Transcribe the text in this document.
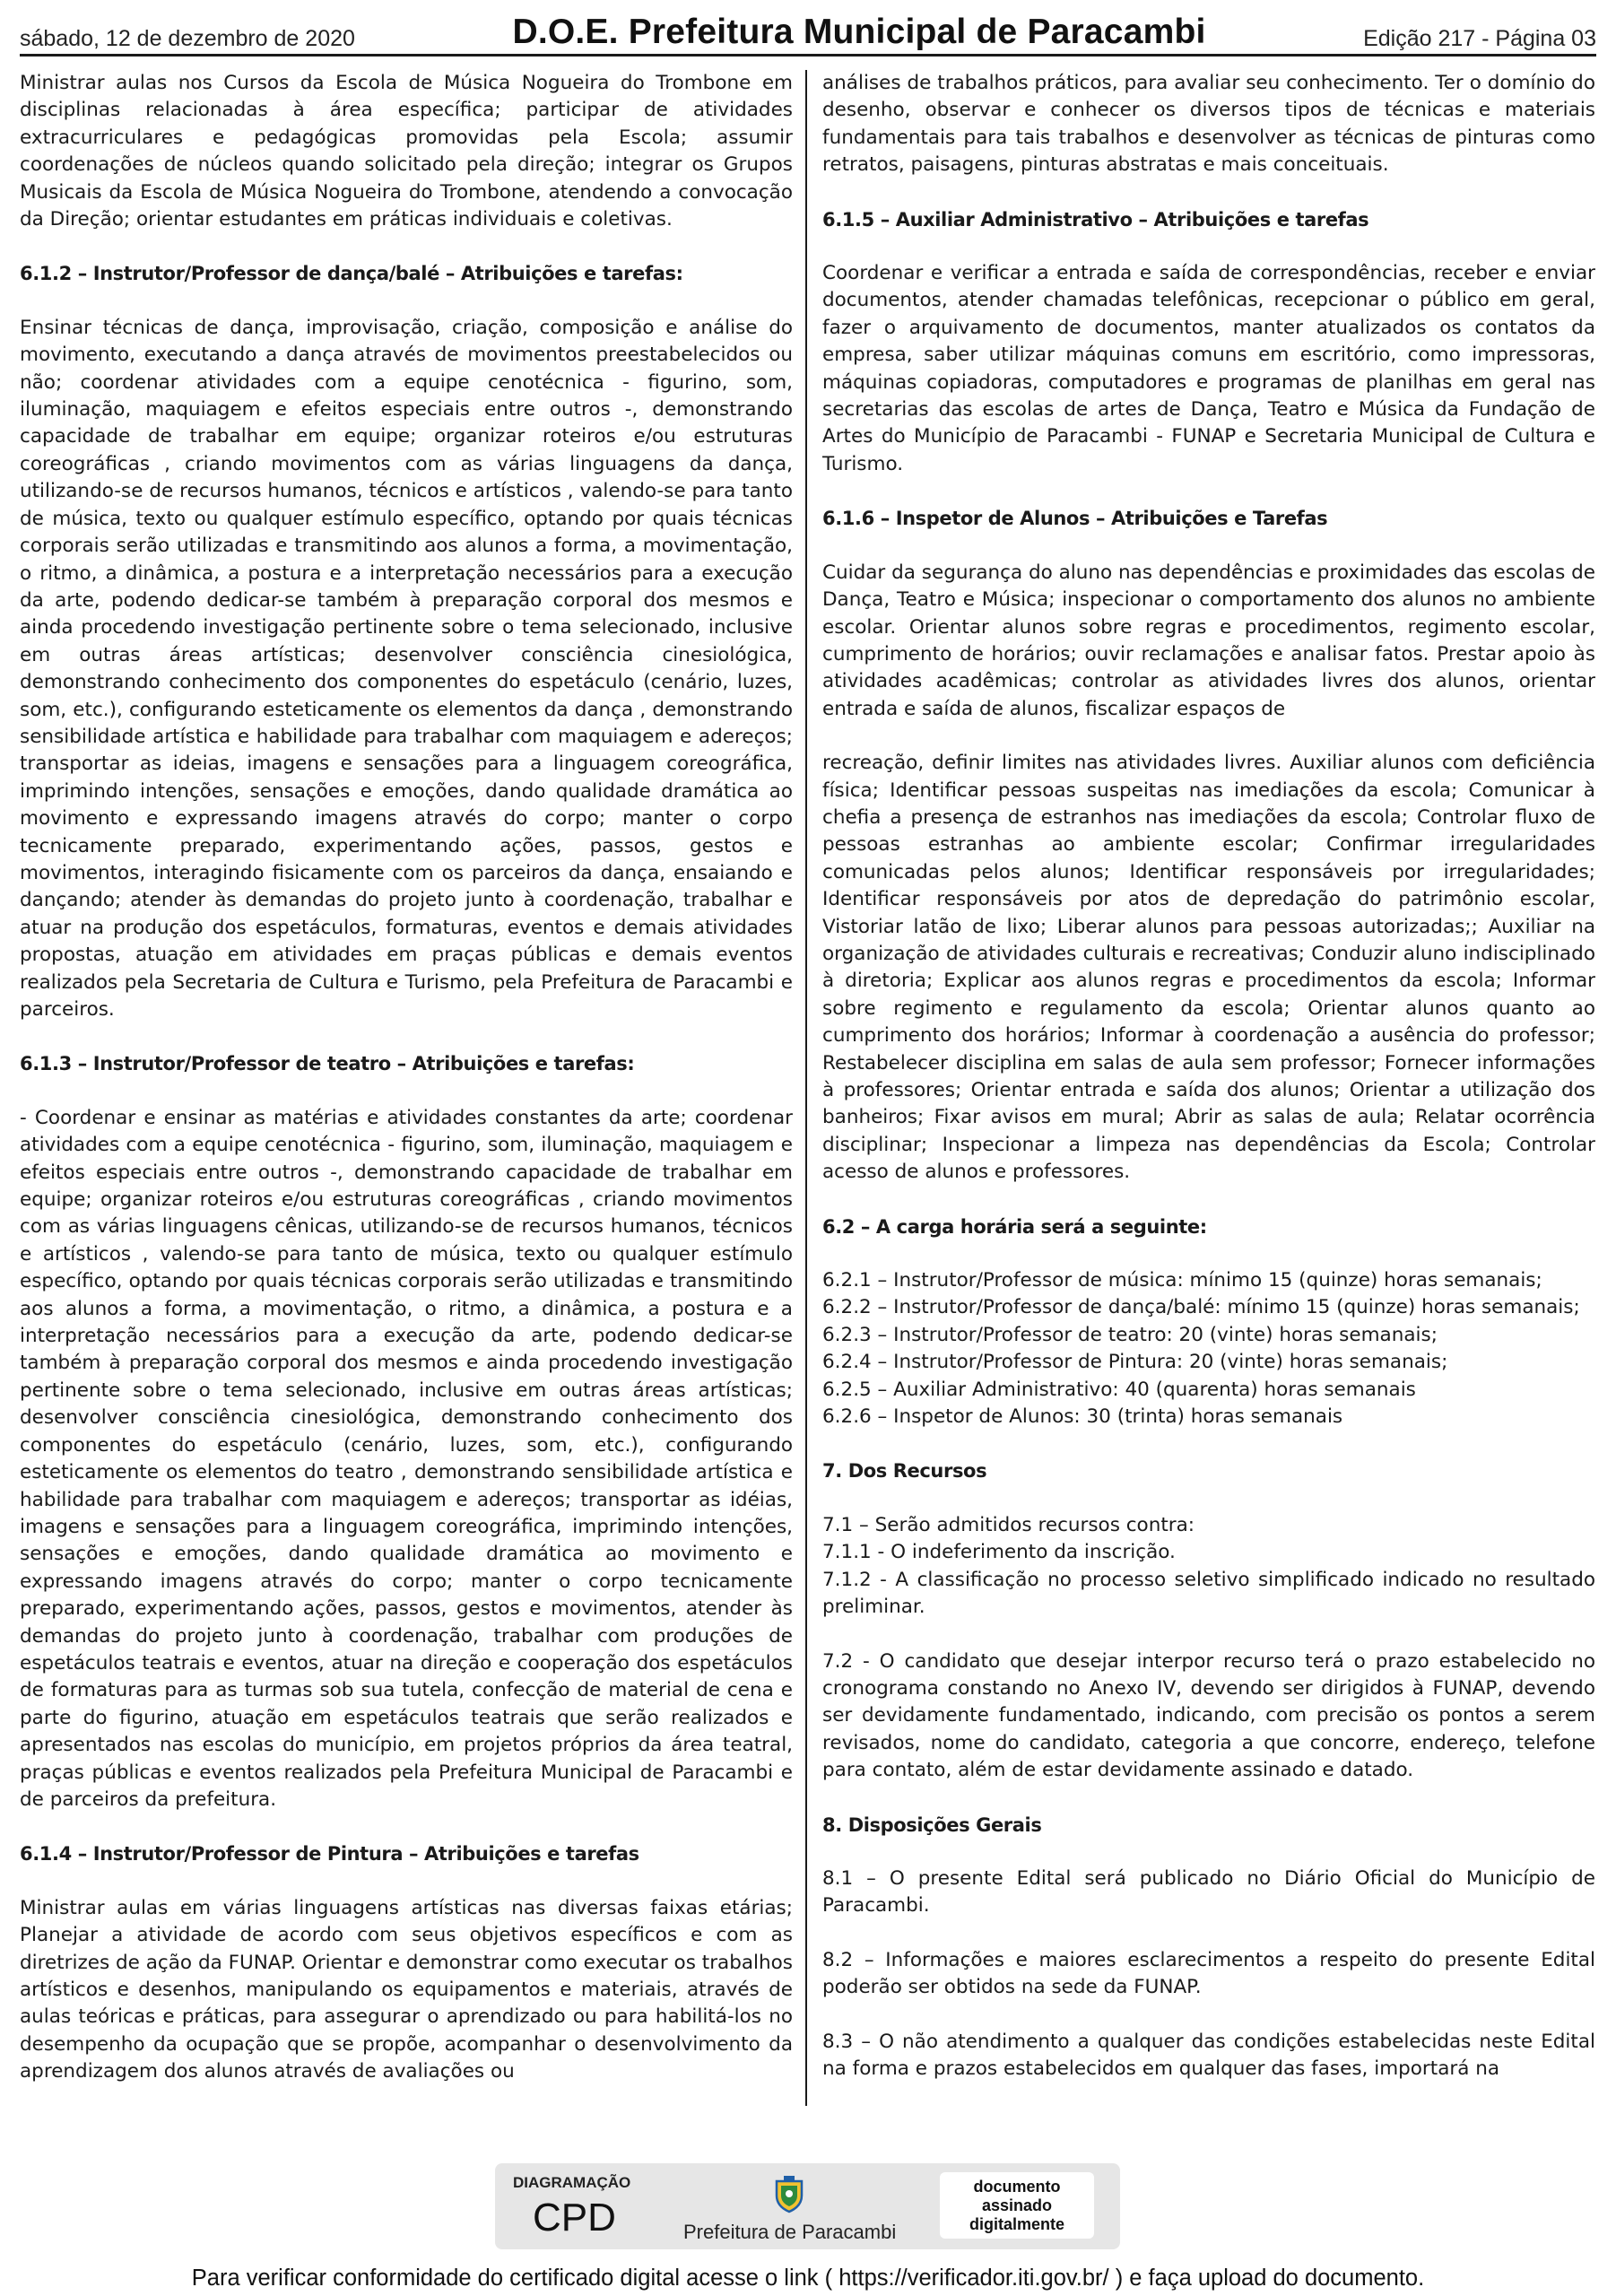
sábado, 12 de dezembro de 2020	D.O.E. Prefeitura Municipal de Paracambi	Edição 217 - Página 03

Ministrar aulas nos Cursos da Escola de Música Nogueira do Trombone em disciplinas relacionadas à área específica; participar de atividades extracurriculares e pedagógicas promovidas pela Escola; assumir coordenações de núcleos quando solicitado pela direção; integrar os Grupos Musicais da Escola de Música Nogueira do Trombone, atendendo a convocação da Direção; orientar estudantes em práticas individuais e coletivas.

6.1.2 – Instrutor/Professor de dança/balé – Atribuições e tarefas:

Ensinar técnicas de dança, improvisação, criação, composição e análise do movimento, executando a dança através de movimentos preestabelecidos ou não; coordenar atividades com a equipe cenotécnica - figurino, som, iluminação, maquiagem e efeitos especiais entre outros -, demonstrando capacidade de trabalhar em equipe; organizar roteiros e/ou estruturas coreográficas , criando movimentos com as várias linguagens da dança, utilizando-se de recursos humanos, técnicos e artísticos , valendo-se para tanto de música, texto ou qualquer estímulo específico, optando por quais técnicas corporais serão utilizadas e transmitindo aos alunos a forma, a movimentação, o ritmo, a dinâmica, a postura e a interpretação necessários para a execução da arte, podendo dedicar-se também à preparação corporal dos mesmos e ainda procedendo investigação pertinente sobre o tema selecionado, inclusive em outras áreas artísticas; desenvolver consciência cinesiológica, demonstrando conhecimento dos componentes do espetáculo (cenário, luzes, som, etc.), configurando esteticamente os elementos da dança , demonstrando sensibilidade artística e habilidade para trabalhar com maquiagem e adereços; transportar as ideias, imagens e sensações para a linguagem coreográfica, imprimindo intenções, sensações e emoções, dando qualidade dramática ao movimento e expressando imagens através do corpo; manter o corpo tecnicamente preparado, experimentando ações, passos, gestos e movimentos, interagindo fisicamente com os parceiros da dança, ensaiando e dançando; atender às demandas do projeto junto à coordenação, trabalhar e atuar na produção dos espetáculos, formaturas, eventos e demais atividades propostas, atuação em atividades em praças públicas e demais eventos realizados pela Secretaria de Cultura e Turismo, pela Prefeitura de Paracambi e parceiros.

6.1.3 – Instrutor/Professor de teatro – Atribuições e tarefas:

- Coordenar e ensinar as matérias e atividades constantes da arte; coordenar atividades com a equipe cenotécnica - figurino, som, iluminação, maquiagem e efeitos especiais entre outros -, demonstrando capacidade de trabalhar em equipe; organizar roteiros e/ou estruturas coreográficas , criando movimentos com as várias linguagens cênicas, utilizando-se de recursos humanos, técnicos e artísticos , valendo-se para tanto de música, texto ou qualquer estímulo específico, optando por quais técnicas corporais serão utilizadas e transmitindo aos alunos a forma, a movimentação, o ritmo, a dinâmica, a postura e a interpretação necessários para a execução da arte, podendo dedicar-se também à preparação corporal dos mesmos e ainda procedendo investigação pertinente sobre o tema selecionado, inclusive em outras áreas artísticas; desenvolver consciência cinesiológica, demonstrando conhecimento dos componentes do espetáculo (cenário, luzes, som, etc.), configurando esteticamente os elementos do teatro , demonstrando sensibilidade artística e habilidade para trabalhar com maquiagem e adereços; transportar as idéias, imagens e sensações para a linguagem coreográfica, imprimindo intenções, sensações e emoções, dando qualidade dramática ao movimento e expressando imagens através do corpo; manter o corpo tecnicamente preparado, experimentando ações, passos, gestos e movimentos, atender às demandas do projeto junto à coordenação, trabalhar com produções de espetáculos teatrais e eventos, atuar na direção e cooperação dos espetáculos de formaturas para as turmas sob sua tutela, confecção de material de cena e parte do figurino, atuação em espetáculos teatrais que serão realizados e apresentados nas escolas do município, em projetos próprios da área teatral, praças públicas e eventos realizados pela Prefeitura Municipal de Paracambi e de parceiros da prefeitura.

6.1.4 – Instrutor/Professor de Pintura – Atribuições e tarefas

Ministrar aulas em várias linguagens artísticas nas diversas faixas etárias; Planejar a atividade de acordo com seus objetivos específicos e com as diretrizes de ação da FUNAP. Orientar e demonstrar como executar os trabalhos artísticos e desenhos, manipulando os equipamentos e materiais, através de aulas teóricas e práticas, para assegurar o aprendizado ou para habilitá-los no desempenho da ocupação que se propõe, acompanhar o desenvolvimento da aprendizagem dos alunos através de avaliações ou

análises de trabalhos práticos, para avaliar seu conhecimento. Ter o domínio do desenho, observar e conhecer os diversos tipos de técnicas e materiais fundamentais para tais trabalhos e desenvolver as técnicas de pinturas como retratos, paisagens, pinturas abstratas e mais conceituais.

6.1.5 – Auxiliar Administrativo – Atribuições e tarefas

Coordenar e verificar a entrada e saída de correspondências, receber e enviar documentos, atender chamadas telefônicas, recepcionar o público em geral, fazer o arquivamento de documentos, manter atualizados os contatos da empresa, saber utilizar máquinas comuns em escritório, como impressoras, máquinas copiadoras, computadores e programas de planilhas em geral nas secretarias das escolas de artes de Dança, Teatro e Música da Fundação de Artes do Município de Paracambi - FUNAP e Secretaria Municipal de Cultura e Turismo.

6.1.6 – Inspetor de Alunos – Atribuições e Tarefas

Cuidar da segurança do aluno nas dependências e proximidades das escolas de Dança, Teatro e Música; inspecionar o comportamento dos alunos no ambiente escolar. Orientar alunos sobre regras e procedimentos, regimento escolar, cumprimento de horários; ouvir reclamações e analisar fatos. Prestar apoio às atividades acadêmicas; controlar as atividades livres dos alunos, orientar entrada e saída de alunos, fiscalizar espaços de

recreação, definir limites nas atividades livres. Auxiliar alunos com deficiência física; Identificar pessoas suspeitas nas imediações da escola; Comunicar à chefia a presença de estranhos nas imediações da escola; Controlar fluxo de pessoas estranhas ao ambiente escolar; Confirmar irregularidades comunicadas pelos alunos; Identificar responsáveis por irregularidades; Identificar responsáveis por atos de depredação do patrimônio escolar, Vistoriar latão de lixo; Liberar alunos para pessoas autorizadas;; Auxiliar na organização de atividades culturais e recreativas; Conduzir aluno indisciplinado à diretoria; Explicar aos alunos regras e procedimentos da escola; Informar sobre regimento e regulamento da escola; Orientar alunos quanto ao cumprimento dos horários; Informar à coordenação a ausência do professor; Restabelecer disciplina em salas de aula sem professor; Fornecer informações à professores; Orientar entrada e saída dos alunos; Orientar a utilização dos banheiros; Fixar avisos em mural; Abrir as salas de aula; Relatar ocorrência disciplinar; Inspecionar a limpeza nas dependências da Escola; Controlar acesso de alunos e professores.

6.2 – A carga horária será a seguinte:

6.2.1 – Instrutor/Professor de música: mínimo 15 (quinze) horas semanais;

6.2.2 – Instrutor/Professor de dança/balé: mínimo 15 (quinze) horas semanais;

6.2.3 – Instrutor/Professor de teatro: 20 (vinte) horas semanais;

6.2.4 – Instrutor/Professor de Pintura: 20 (vinte) horas semanais;

6.2.5 – Auxiliar Administrativo: 40 (quarenta) horas semanais

6.2.6 – Inspetor de Alunos: 30 (trinta) horas semanais

7. Dos Recursos

7.1 – Serão admitidos recursos contra:

7.1.1 - O indeferimento da inscrição.

7.1.2 - A classificação no processo seletivo simplificado indicado no resultado preliminar.

7.2 - O candidato que desejar interpor recurso terá o prazo estabelecido no cronograma constando no Anexo IV, devendo ser dirigidos à FUNAP, devendo ser devidamente fundamentado, indicando, com precisão os pontos a serem revisados, nome do candidato, categoria a que concorre, endereço, telefone para contato, além de estar devidamente assinado e datado.

8. Disposições Gerais

8.1 – O presente Edital será publicado no Diário Oficial do Município de Paracambi.

8.2 – Informações e maiores esclarecimentos a respeito do presente Edital poderão ser obtidos na sede da FUNAP.

8.3 – O não atendimento a qualquer das condições estabelecidas neste Edital na forma e prazos estabelecidos em qualquer das fases, importará na

DIAGRAMAÇÃO
CPD	Prefeitura de Paracambi
documento
assinado
digitalmente
Para verificar conformidade do certificado digital acesse o link ( https://verificador.iti.gov.br/ ) e faça upload do documento.
